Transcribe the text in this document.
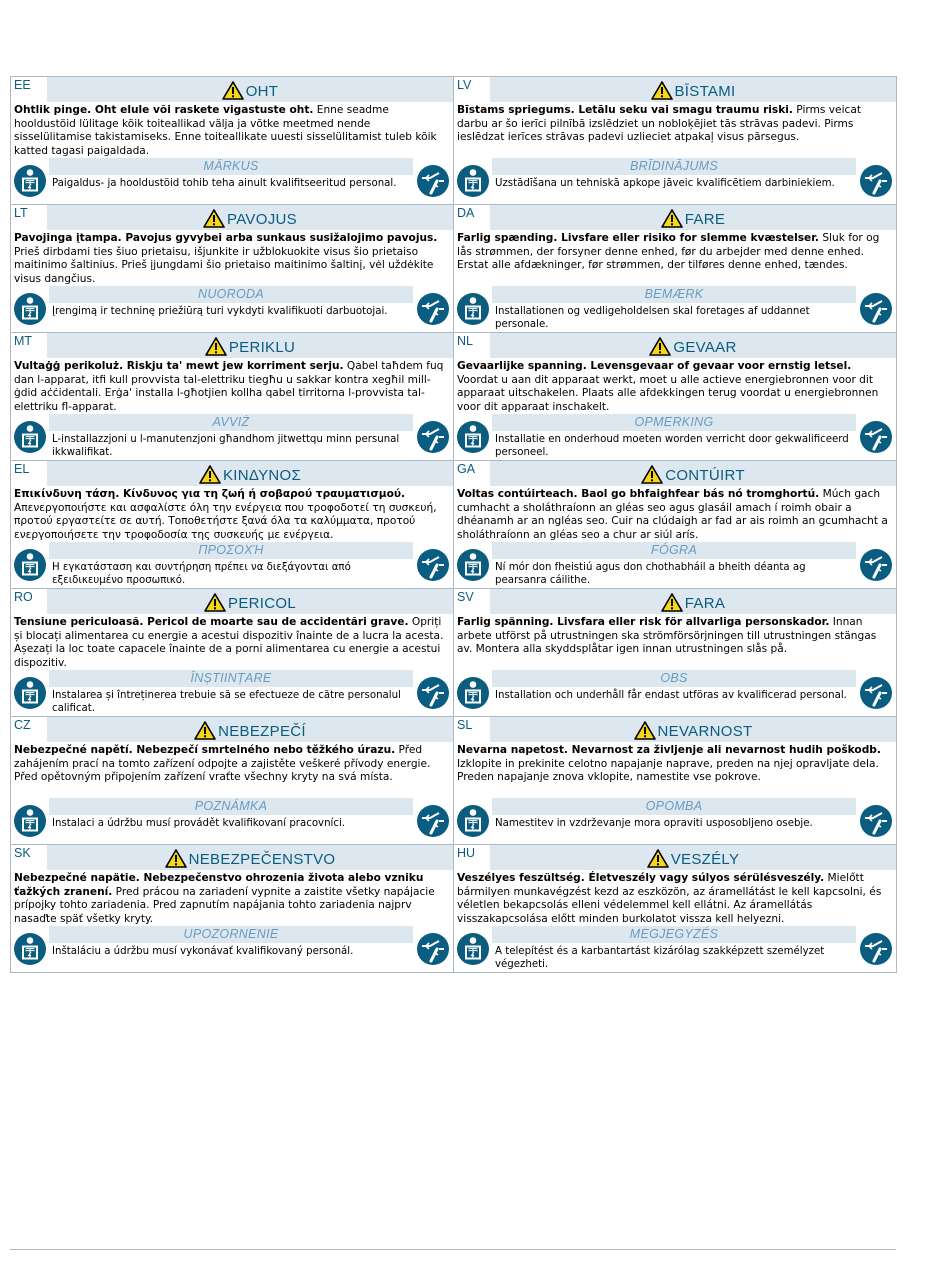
EE	OHT
Ohtlik pinge. Oht elule või raskete vigastuste oht. Enne seadme hooldustöid lülitage kõik toiteallikad välja ja võtke meetmed nende sisselülitamise takistamiseks. Enne toiteallikate uuesti sisselülitamist tuleb kõik katted tagasi paigaldada.
MÄRKUS
Paigaldus- ja hooldustöid tohib teha ainult kvalifitseeritud personal.
LV	BĪSTAMI
Bīstams spriegums. Letālu seku vai smagu traumu riski. Pirms veicat darbu ar šo ierīci pilnībā izslēdziet un nobloķējiet tās strāvas padevi. Pirms ieslēdzat ierīces strāvas padevi uzlieciet atpakaļ visus pārsegus.
BRĪDINĀJUMS
Uzstādīšana un tehniskā apkope jāveic kvalificētiem darbiniekiem.
LT	PAVOJUS
Pavojinga įtampa. Pavojus gyvybei arba sunkaus susižalojimo pavojus. Prieš dirbdami ties šiuo prietaisu, išjunkite ir užblokuokite visus šio prietaiso maitinimo šaltinius. Prieš įjungdami šio prietaiso maitinimo šaltinį, vėl uždėkite visus dangčius.
NUORODA
Įrengimą ir techninę priežiūrą turi vykdyti kvalifikuoti darbuotojai.
DA	FARE
Farlig spænding. Livsfare eller risiko for slemme kvæstelser. Sluk for og lås strømmen, der forsyner denne enhed, før du arbejder med denne enhed. Erstat alle afdækninger, før strømmen, der tilføres denne enhed, tændes.
BEMÆRK
Installationen og vedligeholdelsen skal foretages af uddannet personale.
MT	PERIKLU
Vultaġġ perikoluż. Riskju ta' mewt jew korriment serju. Qabel taħdem fuq dan l-apparat, itfi kull provvista tal-elettriku tiegħu u sakkar kontra xegħil mill-ġdid aċċidentali. Erġa' installa l-għotjien kollha qabel tirritorna l-provvista tal-elettriku fl-apparat.
AVVIŻ
L-installazzjoni u l-manutenzjoni għandhom jitwettqu minn persunal ikkwalifikat.
NL	GEVAAR
Gevaarlijke spanning. Levensgevaar of gevaar voor ernstig letsel. Voordat u aan dit apparaat werkt, moet u alle actieve energiebronnen voor dit apparaat uitschakelen. Plaats alle afdekkingen terug voordat u energiebronnen voor dit apparaat inschakelt.
OPMERKING
Installatie en onderhoud moeten worden verricht door gekwalificeerd personeel.
EL	ΚΙΝΔΥΝΟΣ
Επικίνδυνη τάση. Κίνδυνος για τη ζωή ή σοβαρού τραυματισμού. Απενεργοποιήστε και ασφαλίστε όλη την ενέργεια που τροφοδοτεί τη συσκευή, προτού εργαστείτε σε αυτή. Τοποθετήστε ξανά όλα τα καλύμματα, προτού ενεργοποιήσετε την τροφοδοσία της συσκευής με ενέργεια.
ΠΡΟΣΟΧΉ
Η εγκατάσταση και συντήρηση πρέπει να διεξάγονται από εξειδικευμένο προσωπικό.
GA	CONTÚIRT
Voltas contúirteach. Baol go bhfaighfear bás nó tromghortú. Múch gach cumhacht a sholáthraíonn an gléas seo agus glasáil amach í roimh obair a dhéanamh ar an ngléas seo. Cuir na clúdaigh ar fad ar ais roimh an gcumhacht a sholáthraíonn an gléas seo a chur ar siúl arís.
FÓGRA
Ní mór don fheistiú agus don chothabháil a bheith déanta ag pearsanra cáilithe.
RO	PERICOL
Tensiune periculoasă. Pericol de moarte sau de accidentări grave. Opriți și blocați alimentarea cu energie a acestui dispozitiv înainte de a lucra la acesta. Așezați la loc toate capacele înainte de a porni alimentarea cu energie a acestui dispozitiv.
ÎNȘTIINȚARE
Instalarea și întreținerea trebuie să se efectueze de către personalul calificat.
SV	FARA
Farlig spänning. Livsfara eller risk för allvarliga personskador. Innan arbete utförst på utrustningen ska strömförsörjningen till utrustningen stängas av. Montera alla skyddsplåtar igen innan utrustningen slås på.
OBS
Installation och underhåll får endast utföras av kvalificerad personal.
CZ	NEBEZPEČÍ
Nebezpečné napětí. Nebezpečí smrtelného nebo těžkého úrazu. Před zahájením prací na tomto zařízení odpojte a zajistěte veškeré přívody energie. Před opětovným připojením zařízení vraťte všechny kryty na svá místa.
POZNÁMKA
Instalaci a údržbu musí provádět kvalifikovaní pracovníci.
SL	NEVARNOST
Nevarna napetost. Nevarnost za življenje ali nevarnost hudih poškodb. Izklopite in prekinite celotno napajanje naprave, preden na njej opravljate dela. Preden napajanje znova vklopite, namestite vse pokrove.
OPOMBA
Namestitev in vzdrževanje mora opraviti usposobljeno osebje.
SK	NEBEZPEČENSTVO
Nebezpečné napätie. Nebezpečenstvo ohrozenia života alebo vzniku ťažkých zranení. Pred prácou na zariadení vypnite a zaistite všetky napájacie prípojky tohto zariadenia. Pred zapnutím napájania tohto zariadenia najprv nasaďte späť všetky kryty.
UPOZORNENIE
Inštaláciu a údržbu musí vykonávať kvalifikovaný personál.
HU	VESZÉLY
Veszélyes feszültség. Életveszély vagy súlyos sérülésveszély. Mielőtt bármilyen munkavégzést kezd az eszközön, az áramellátást le kell kapcsolni, és véletlen bekapcsolás elleni védelemmel kell ellátni. Az áramellátás visszakapcsolása előtt minden burkolatot vissza kell helyezni.
MEGJEGYZÉS
A telepítést és a karbantartást kizárólag szakképzett személyzet végezheti.
